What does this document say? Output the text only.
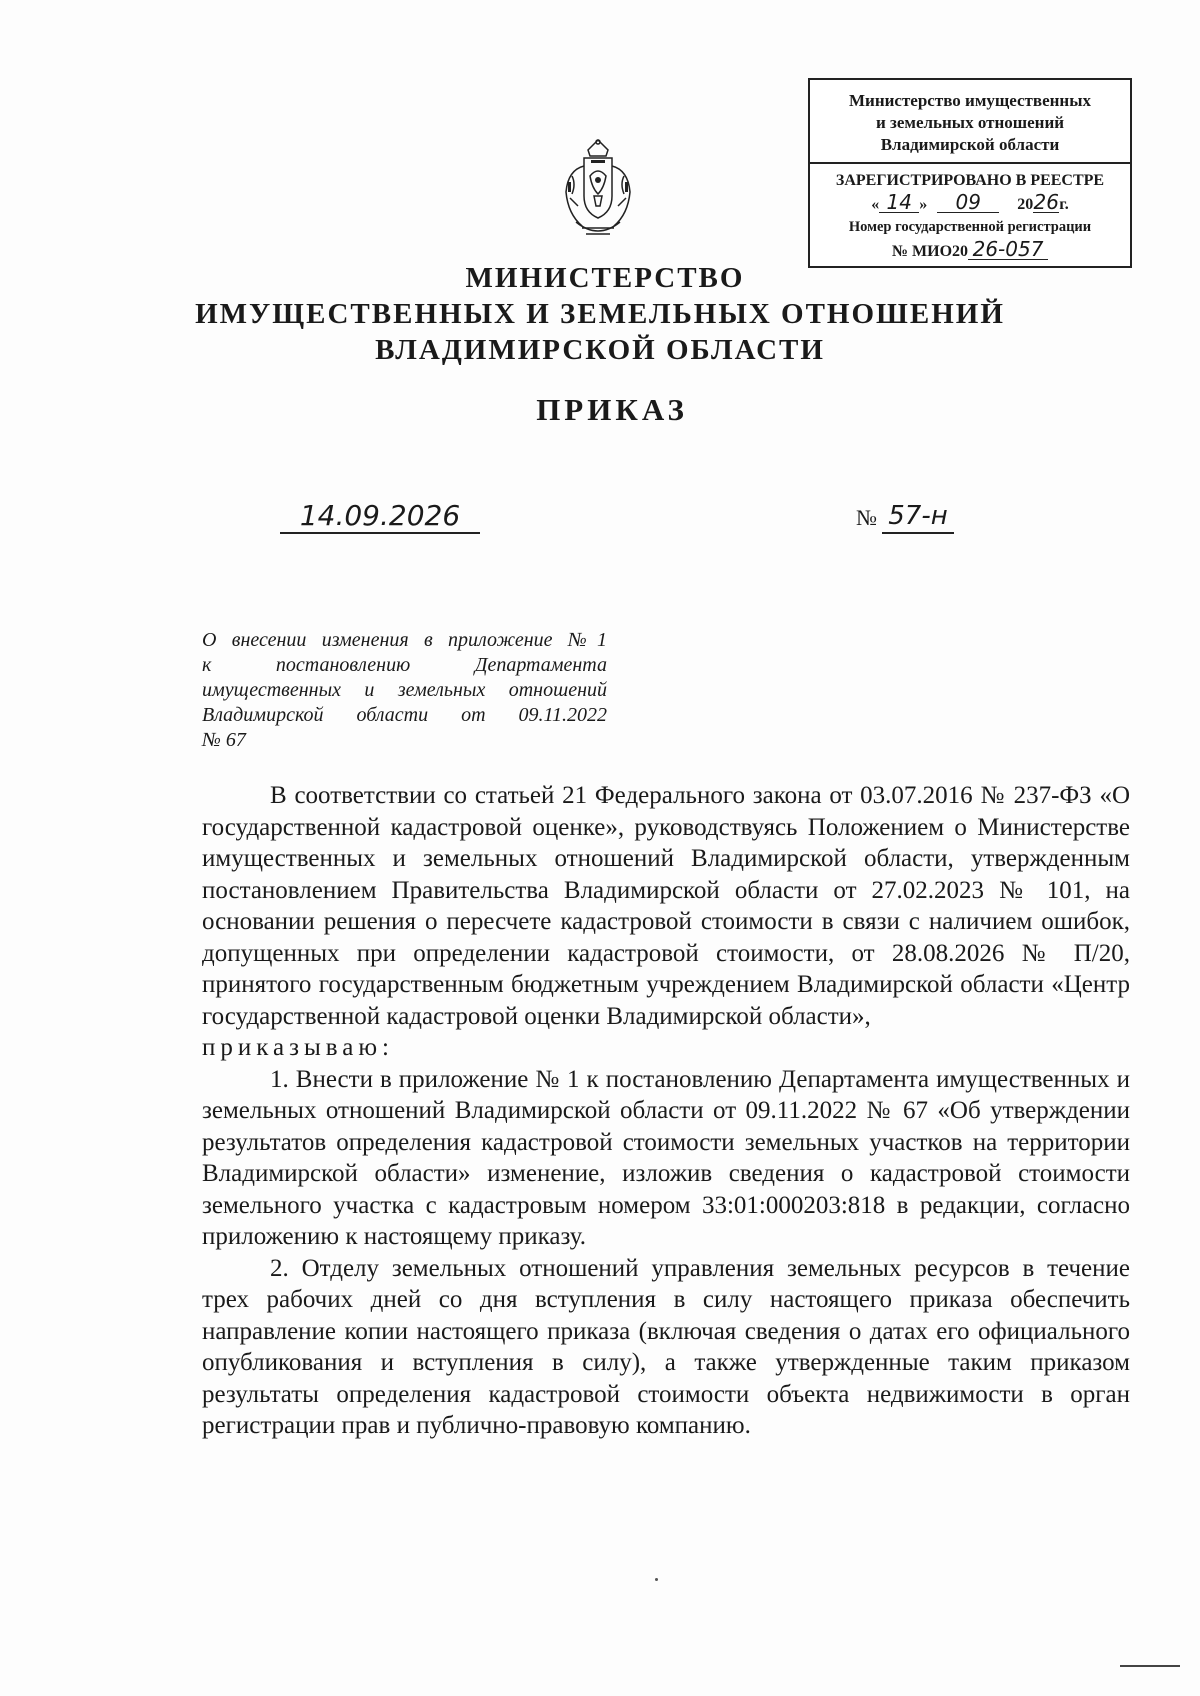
Министерство имущественных
и земельных отношений
Владимирской области
ЗАРЕГИСТРИРОВАНО В РЕЕСТРЕ
« 14 » 09 2026г.
Номер государственной регистрации
№ МИО20 26-057
МИНИСТЕРСТВО
ИМУЩЕСТВЕННЫХ И ЗЕМЕЛЬНЫХ ОТНОШЕНИЙ
ВЛАДИМИРСКОЙ ОБЛАСТИ
ПРИКАЗ
14.09.2026	№ 57-н
О внесении изменения в приложение №1
к постановлению Департамента
имущественных и земельных отношений
Владимирской области от 09.11.2022
№ 67

В соответствии со статьей 21 Федерального закона от 03.07.2016 № 237-ФЗ «О государственной кадастровой оценке», руководствуясь Положением о Министерстве имущественных и земельных отношений Владимирской области, утвержденным постановлением Правительства Владимирской области от 27.02.2023 № 101, на основании решения о пересчете кадастровой стоимости в связи с наличием ошибок, допущенных при определении кадастровой стоимости, от 28.08.2026 № П/20, принятого государственным бюджетным учреждением Владимирской области «Центр государственной кадастровой оценки Владимирской области»,

приказываю:

1. Внести в приложение № 1 к постановлению Департамента имущественных и земельных отношений Владимирской области от 09.11.2022 № 67 «Об утверждении результатов определения кадастровой стоимости земельных участков на территории Владимирской области» изменение, изложив сведения о кадастровой стоимости земельного участка с кадастровым номером 33:01:000203:818 в редакции, согласно приложению к настоящему приказу.

2. Отделу земельных отношений управления земельных ресурсов в течение трех рабочих дней со дня вступления в силу настоящего приказа обеспечить направление копии настоящего приказа (включая сведения о датах его официального опубликования и вступления в силу), а также утвержденные таким приказом результаты определения кадастровой стоимости объекта недвижимости в орган регистрации прав и публично-правовую компанию.
